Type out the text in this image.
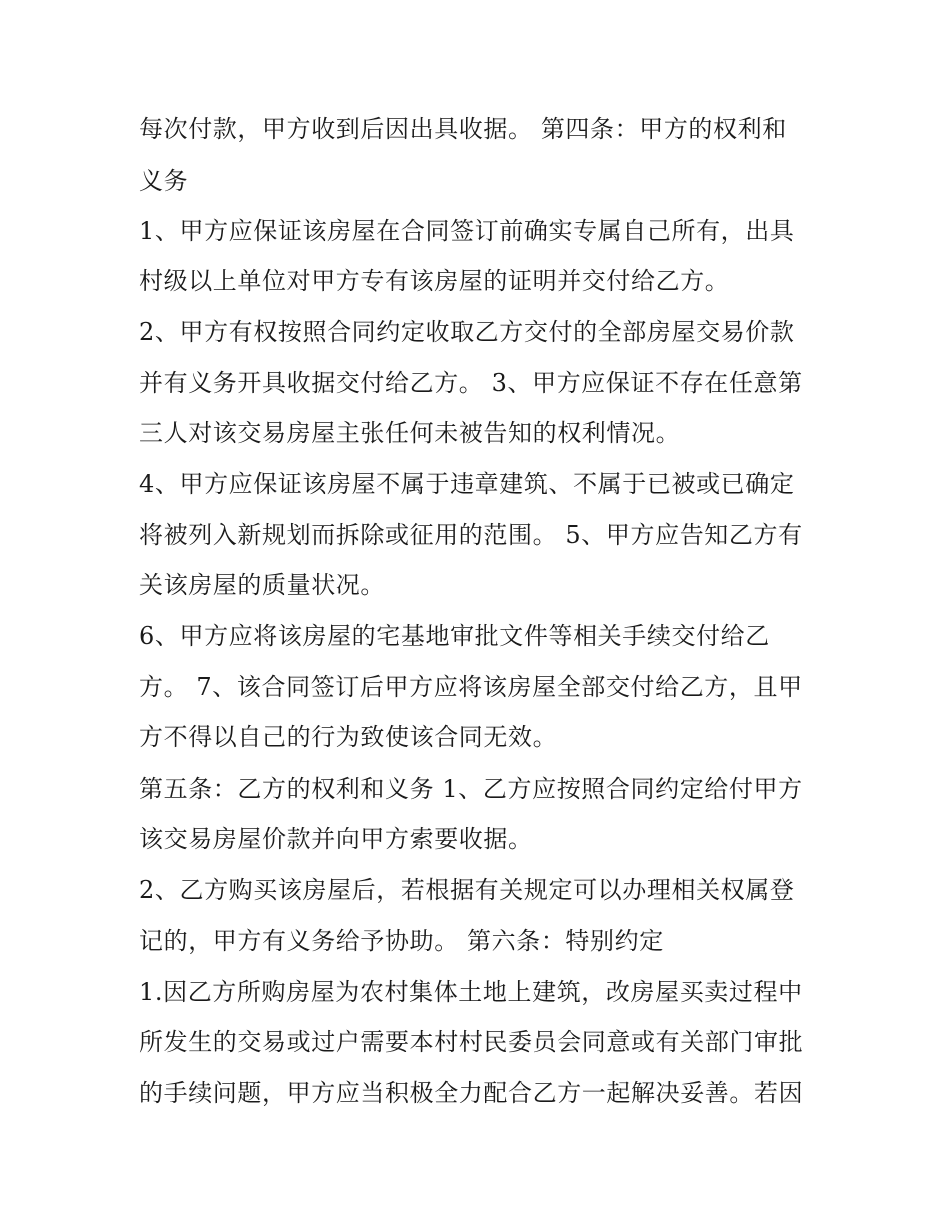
每次付款，甲方收到后因出具收据。 第四条：甲方的权利和
义务
1、甲方应保证该房屋在合同签订前确实专属自己所有，出具
村级以上单位对甲方专有该房屋的证明并交付给乙方。
2、甲方有权按照合同约定收取乙方交付的全部房屋交易价款
并有义务开具收据交付给乙方。 3、甲方应保证不存在任意第
三人对该交易房屋主张任何未被告知的权利情况。
4、甲方应保证该房屋不属于违章建筑、不属于已被或已确定
将被列入新规划而拆除或征用的范围。 5、甲方应告知乙方有
关该房屋的质量状况。
6、甲方应将该房屋的宅基地审批文件等相关手续交付给乙
方。 7、该合同签订后甲方应将该房屋全部交付给乙方，且甲
方不得以自己的行为致使该合同无效。
第五条：乙方的权利和义务 1、乙方应按照合同约定给付甲方
该交易房屋价款并向甲方索要收据。
2、乙方购买该房屋后，若根据有关规定可以办理相关权属登
记的，甲方有义务给予协助。 第六条：特别约定
1.因乙方所购房屋为农村集体土地上建筑，改房屋买卖过程中
所发生的交易或过户需要本村村民委员会同意或有关部门审批
的手续问题，甲方应当积极全力配合乙方一起解决妥善。若因
